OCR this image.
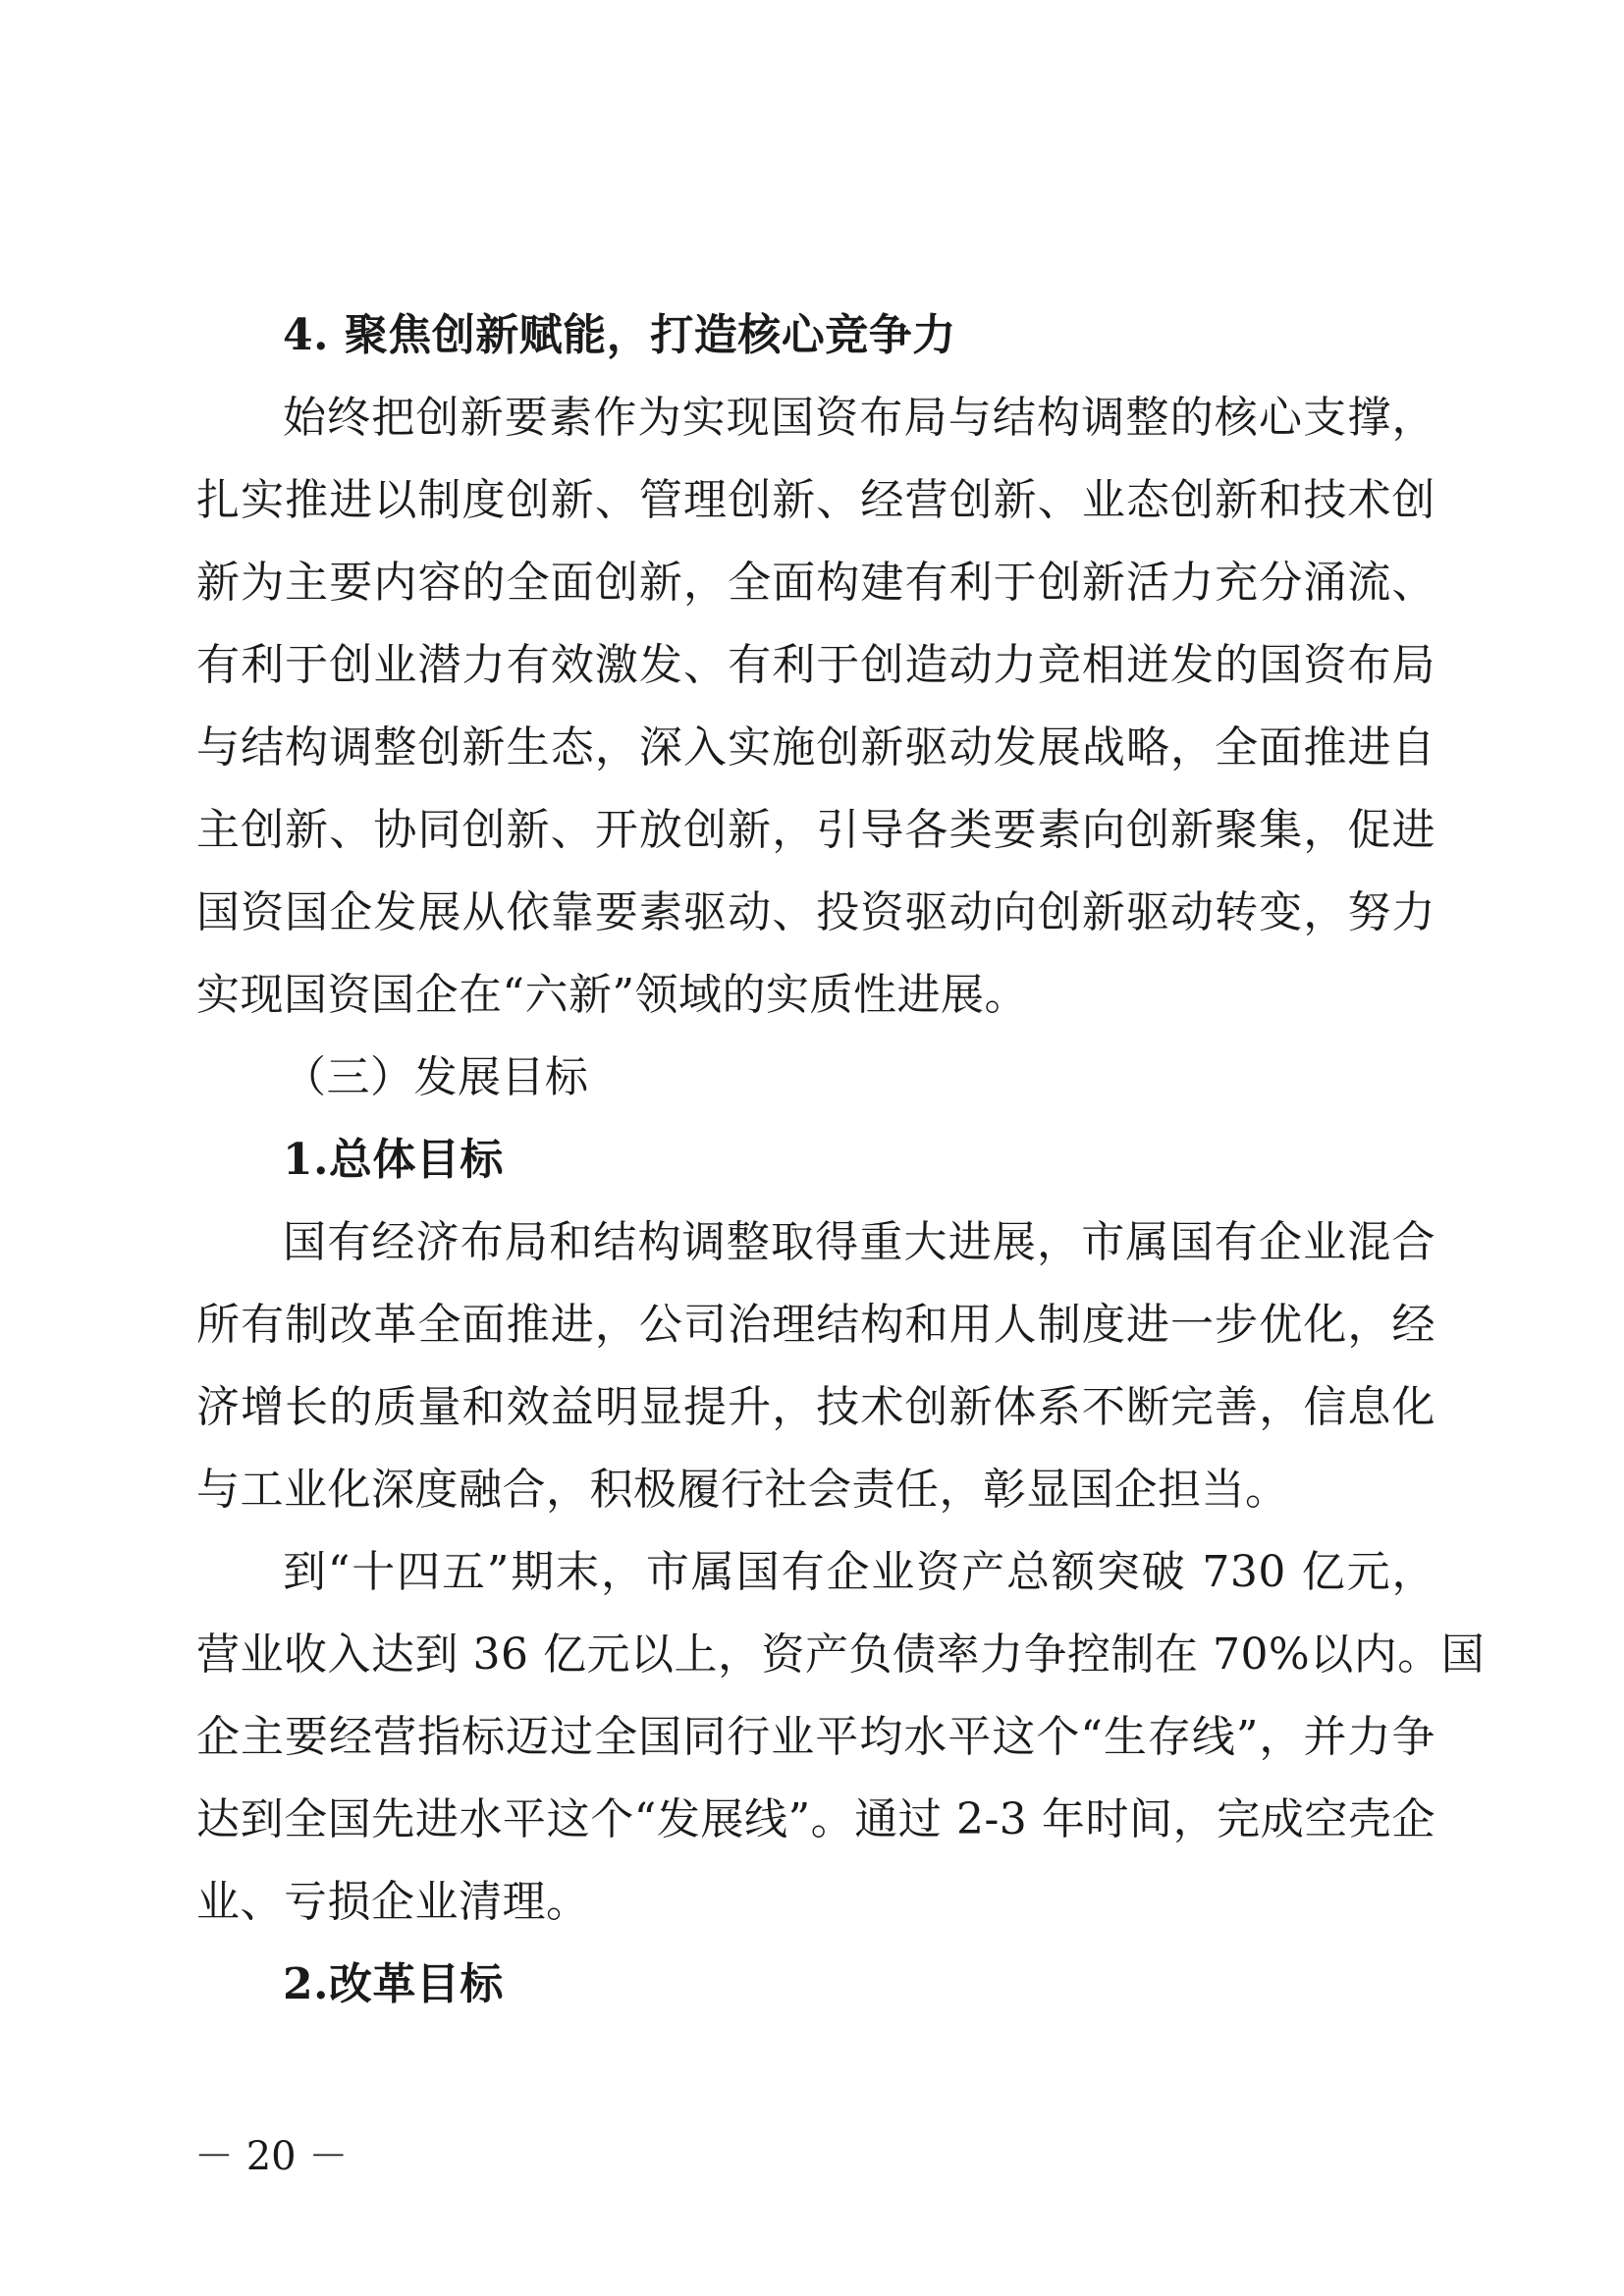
4. 聚焦创新赋能，打造核心竞争力
始终把创新要素作为实现国资布局与结构调整的核心支撑，
扎实推进以制度创新、管理创新、经营创新、业态创新和技术创
新为主要内容的全面创新，全面构建有利于创新活力充分涌流、
有利于创业潜力有效激发、有利于创造动力竞相迸发的国资布局
与结构调整创新生态，深入实施创新驱动发展战略，全面推进自
主创新、协同创新、开放创新，引导各类要素向创新聚集，促进
国资国企发展从依靠要素驱动、投资驱动向创新驱动转变，努力
实现国资国企在“六新”领域的实质性进展。
（三）发展目标
1.总体目标
国有经济布局和结构调整取得重大进展，市属国有企业混合
所有制改革全面推进，公司治理结构和用人制度进一步优化，经
济增长的质量和效益明显提升，技术创新体系不断完善，信息化
与工业化深度融合，积极履行社会责任，彰显国企担当。
到“十四五”期末，市属国有企业资产总额突破 730 亿元，
营业收入达到 36 亿元以上，资产负债率力争控制在 70%以内。国
企主要经营指标迈过全国同行业平均水平这个“生存线”，并力争
达到全国先进水平这个“发展线”。通过 2-3 年时间，完成空壳企
业、亏损企业清理。
2.改革目标
－ 20 －
